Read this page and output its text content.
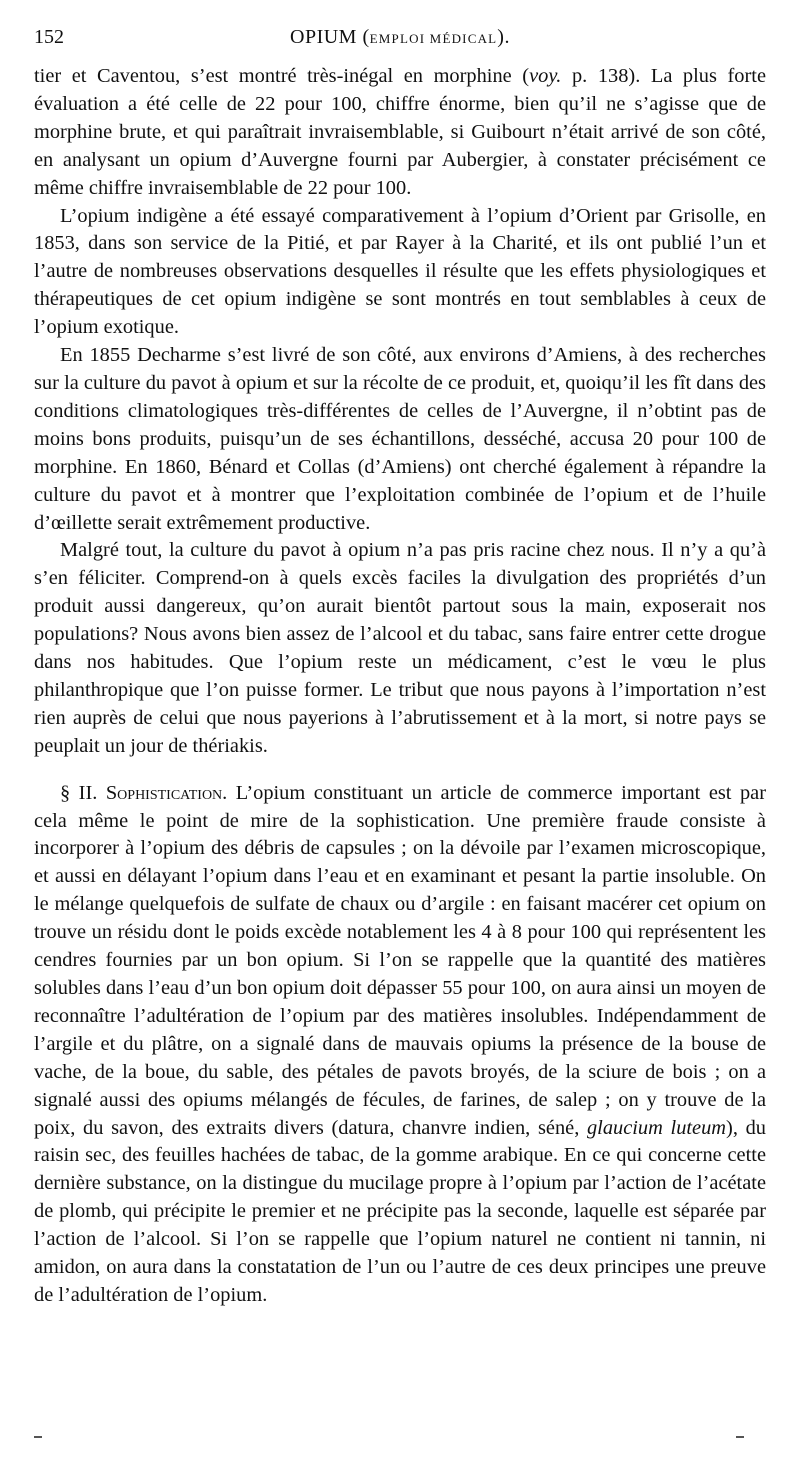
152	OPIUM (EMPLOI MÉDICAL).

tier et Caventou, s’est montré très-inégal en morphine (voy. p. 138). La plus forte évaluation a été celle de 22 pour 100, chiffre énorme, bien qu’il ne s’agisse que de morphine brute, et qui paraîtrait invraisemblable, si Guibourt n’était arrivé de son côté, en analysant un opium d’Auvergne fourni par Aubergier, à constater précisément ce même chiffre invraisemblable de 22 pour 100.

L’opium indigène a été essayé comparativement à l’opium d’Orient par Grisolle, en 1853, dans son service de la Pitié, et par Rayer à la Charité, et ils ont publié l’un et l’autre de nombreuses observations desquelles il résulte que les effets physiologiques et thérapeutiques de cet opium indigène se sont montrés en tout semblables à ceux de l’opium exotique.

En 1855 Decharme s’est livré de son côté, aux environs d’Amiens, à des recherches sur la culture du pavot à opium et sur la récolte de ce produit, et, quoiqu’il les fît dans des conditions climatologiques très-différentes de celles de l’Auvergne, il n’obtint pas de moins bons produits, puisqu’un de ses échantillons, desséché, accusa 20 pour 100 de morphine. En 1860, Bénard et Collas (d’Amiens) ont cherché également à répandre la culture du pavot et à montrer que l’exploitation combinée de l’opium et de l’huile d’œillette serait extrêmement productive.

Malgré tout, la culture du pavot à opium n’a pas pris racine chez nous. Il n’y a qu’à s’en féliciter. Comprend-on à quels excès faciles la divulgation des propriétés d’un produit aussi dangereux, qu’on aurait bientôt partout sous la main, exposerait nos populations? Nous avons bien assez de l’alcool et du tabac, sans faire entrer cette drogue dans nos habitudes. Que l’opium reste un médicament, c’est le vœu le plus philanthropique que l’on puisse former. Le tribut que nous payons à l’importation n’est rien auprès de celui que nous payerions à l’abrutissement et à la mort, si notre pays se peuplait un jour de thériakis.

§ II. Sophistication. L’opium constituant un article de commerce important est par cela même le point de mire de la sophistication. Une première fraude consiste à incorporer à l’opium des débris de capsules ; on la dévoile par l’examen microscopique, et aussi en délayant l’opium dans l’eau et en examinant et pesant la partie insoluble. On le mélange quelquefois de sulfate de chaux ou d’argile : en faisant macérer cet opium on trouve un résidu dont le poids excède notablement les 4 à 8 pour 100 qui représentent les cendres fournies par un bon opium. Si l’on se rappelle que la quantité des matières solubles dans l’eau d’un bon opium doit dépasser 55 pour 100, on aura ainsi un moyen de reconnaître l’adultération de l’opium par des matières insolubles. Indépendamment de l’argile et du plâtre, on a signalé dans de mauvais opiums la présence de la bouse de vache, de la boue, du sable, des pétales de pavots broyés, de la sciure de bois ; on a signalé aussi des opiums mélangés de fécules, de farines, de salep ; on y trouve de la poix, du savon, des extraits divers (datura, chanvre indien, séné, glaucium luteum), du raisin sec, des feuilles hachées de tabac, de la gomme arabique. En ce qui concerne cette dernière substance, on la distingue du mucilage propre à l’opium par l’action de l’acétate de plomb, qui précipite le premier et ne précipite pas la seconde, laquelle est séparée par l’action de l’alcool. Si l’on se rappelle que l’opium naturel ne contient ni tannin, ni amidon, on aura dans la constatation de l’un ou l’autre de ces deux principes une preuve de l’adultération de l’opium.
